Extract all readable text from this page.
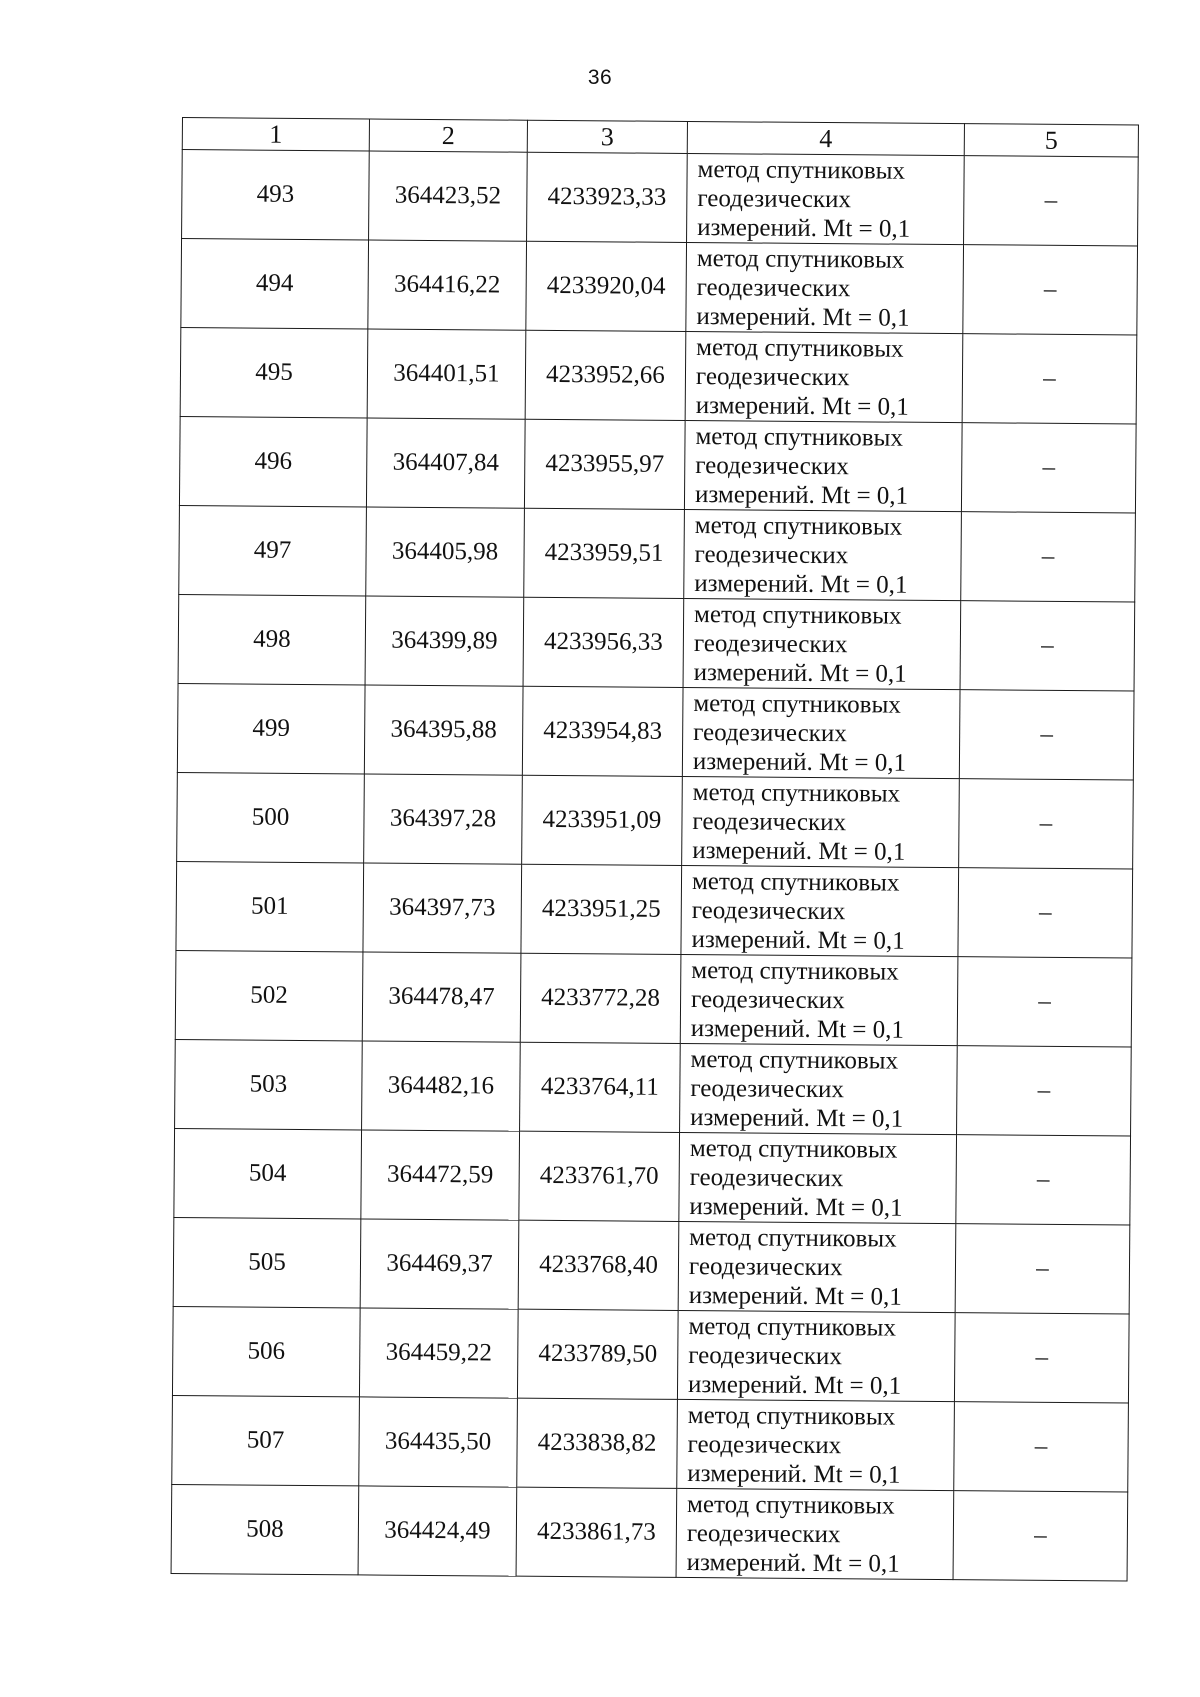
36
1	2	3	4	5
493	364423,52	4233923,33	метод спутниковых
геодезических
измерений. Mt = 0,1	–
494	364416,22	4233920,04	метод спутниковых
геодезических
измерений. Mt = 0,1	–
495	364401,51	4233952,66	метод спутниковых
геодезических
измерений. Mt = 0,1	–
496	364407,84	4233955,97	метод спутниковых
геодезических
измерений. Mt = 0,1	–
497	364405,98	4233959,51	метод спутниковых
геодезических
измерений. Mt = 0,1	–
498	364399,89	4233956,33	метод спутниковых
геодезических
измерений. Mt = 0,1	–
499	364395,88	4233954,83	метод спутниковых
геодезических
измерений. Mt = 0,1	–
500	364397,28	4233951,09	метод спутниковых
геодезических
измерений. Mt = 0,1	–
501	364397,73	4233951,25	метод спутниковых
геодезических
измерений. Mt = 0,1	–
502	364478,47	4233772,28	метод спутниковых
геодезических
измерений. Mt = 0,1	–
503	364482,16	4233764,11	метод спутниковых
геодезических
измерений. Mt = 0,1	–
504	364472,59	4233761,70	метод спутниковых
геодезических
измерений. Mt = 0,1	–
505	364469,37	4233768,40	метод спутниковых
геодезических
измерений. Mt = 0,1	–
506	364459,22	4233789,50	метод спутниковых
геодезических
измерений. Mt = 0,1	–
507	364435,50	4233838,82	метод спутниковых
геодезических
измерений. Mt = 0,1	–
508	364424,49	4233861,73	метод спутниковых
геодезических
измерений. Mt = 0,1	–
